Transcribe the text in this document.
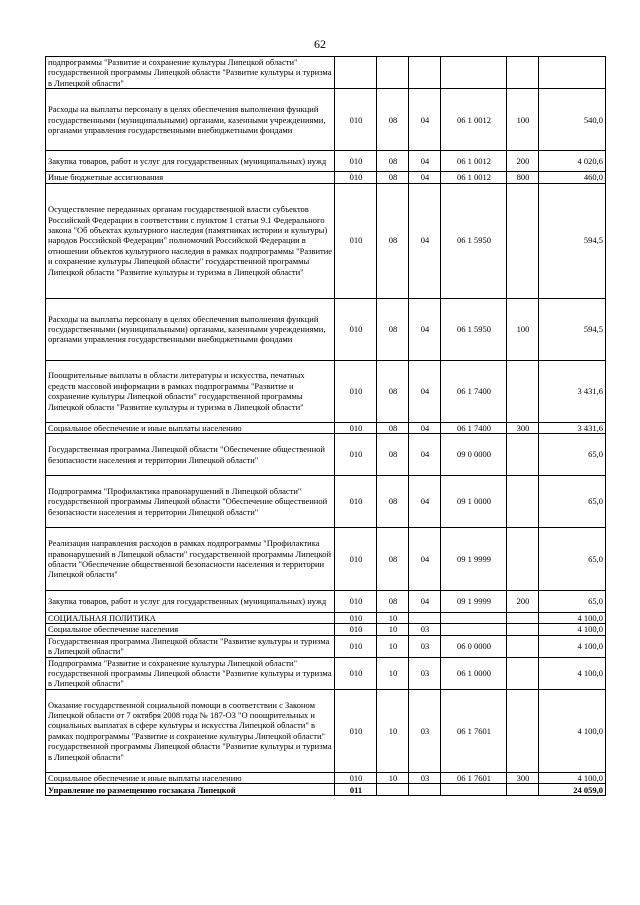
62
подпрограммы "Развитие и сохранение культуры Липецкой области" государственной программы Липецкой области "Развитие культуры и туризма в Липецкой области"						
Расходы на выплаты персоналу в целях обеспечения выполнения функций государственными (муниципальными) органами, казенными учреждениями, органами управления государственными внебюджетными фондами	010	08	04	06 1 0012	100	540,0
Закупка товаров, работ и услуг для государственных (муниципальных) нужд	010	08	04	06 1 0012	200	4 020,6
Иные бюджетные ассигнования	010	08	04	06 1 0012	800	460,0
Осуществление переданных органам государственной власти субъектов Российской Федерации в соответствии с пунктом 1 статьи 9.1 Федерального закона "Об объектах культурного наследия (памятниках истории и культуры) народов Российской Федерации" полномочий Российской Федерации в отношении объектов культурного наследия в рамках подпрограммы "Развитие и сохранение культуры Липецкой области" государственной программы Липецкой области "Развитие культуры и туризма в Липецкой области"	010	08	04	06 1 5950		594,5
Расходы на выплаты персоналу в целях обеспечения выполнения функций государственными (муниципальными) органами, казенными учреждениями, органами управления государственными внебюджетными фондами	010	08	04	06 1 5950	100	594,5
Поощрительные выплаты в области литературы и искусства, печатных средств массовой информации в рамках подпрограммы "Развитие и сохранение культуры Липецкой области" государственной программы Липецкой области "Развитие культуры и туризма в Липецкой области"	010	08	04	06 1 7400		3 431,6
Социальное обеспечение и иные выплаты населению	010	08	04	06 1 7400	300	3 431,6
Государственная программа Липецкой области "Обеспечение общественной безопасности населения и территории Липецкой области"	010	08	04	09 0 0000		65,0
Подпрограмма "Профилактика правонарушений в Липецкой области" государственной программы Липецкой области "Обеспечение общественной безопасности населения и территории Липецкой области"	010	08	04	09 1 0000		65,0
Реализация направления расходов в рамках подпрограммы "Профилактика правонарушений в Липецкой области" государственной программы Липецкой области "Обеспечение общественной безопасности населения и территории Липецкой области"	010	08	04	09 1 9999		65,0
Закупка товаров, работ и услуг для государственных (муниципальных) нужд	010	08	04	09 1 9999	200	65,0
СОЦИАЛЬНАЯ ПОЛИТИКА	010	10				4 100,0
Социальное обеспечение населения	010	10	03			4 100,0
Государственная программа Липецкой области "Развитие культуры и туризма в Липецкой области"	010	10	03	06 0 0000		4 100,0
Подпрограмма "Развитие и сохранение культуры Липецкой области" государственной программы Липецкой области "Развитие культуры и туризма в Липецкой области"	010	10	03	06 1 0000		4 100,0
Оказание государственной социальной помощи в соответствии с Законом Липецкой области от 7 октября 2008 года № 187-ОЗ "О поощрительных и социальных выплатах в сфере культуры и искусства Липецкой области" в рамках подпрограммы "Развитие и сохранение культуры Липецкой области" государственной программы Липецкой области "Развитие культуры и туризма в Липецкой области"	010	10	03	06 1 7601		4 100,0
Социальное обеспечение и иные выплаты населению	010	10	03	06 1 7601	300	4 100,0
Управление по размещению госзаказа Липецкой	011					24 059,0
